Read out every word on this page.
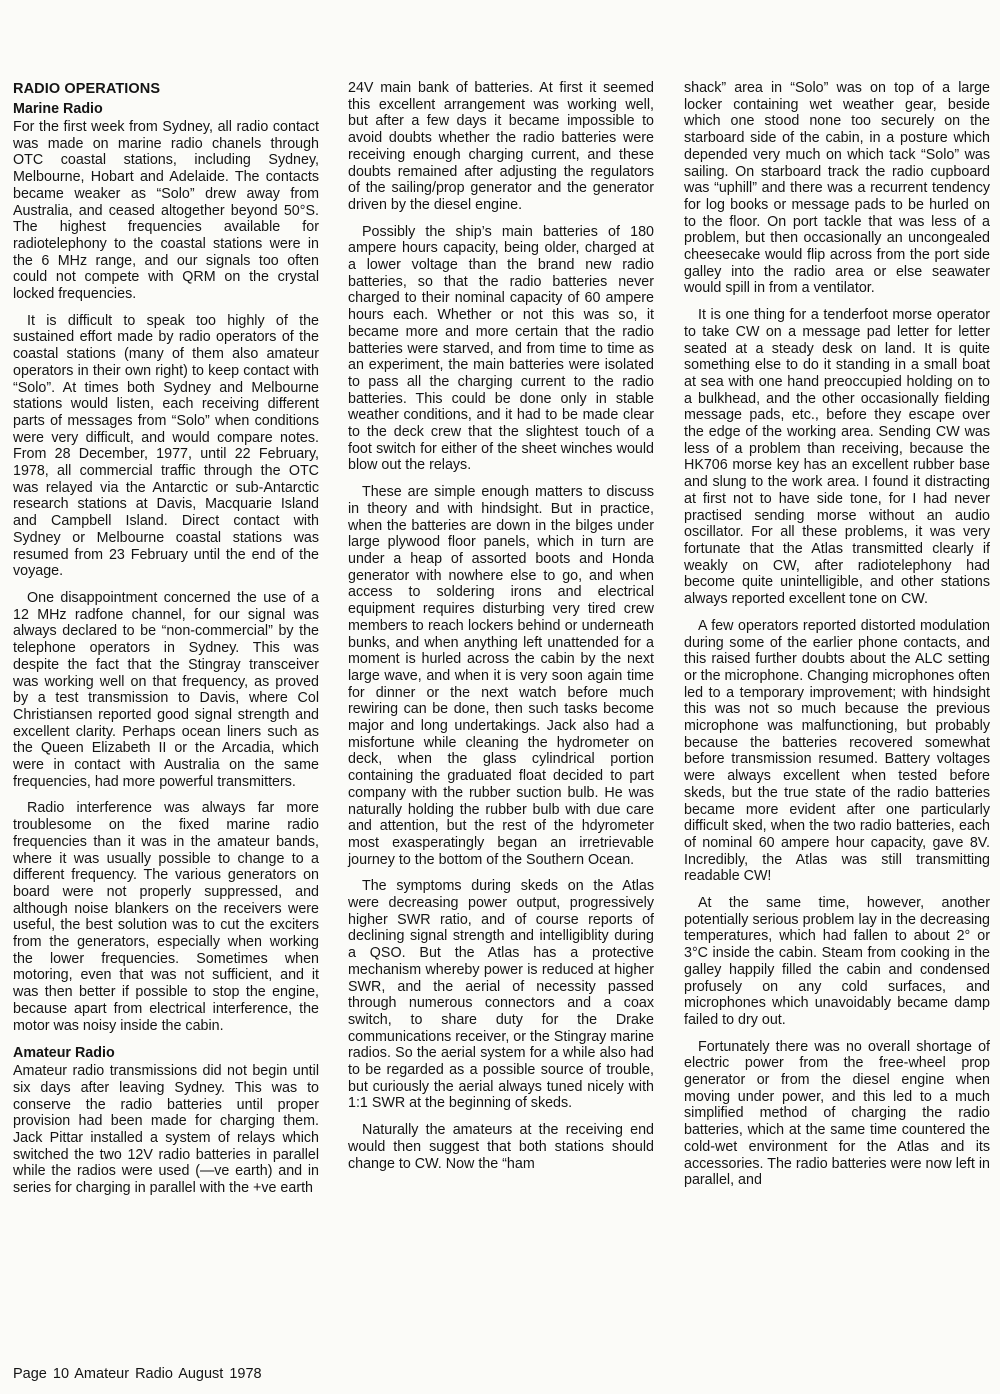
RADIO OPERATIONS
Marine Radio

For the first week from Sydney, all radio contact was made on marine radio chanels through OTC coastal stations, including Sydney, Melbourne, Hobart and Adelaide. The contacts became weaker as “Solo” drew away from Australia, and ceased altogether beyond 50°S. The highest frequencies available for radiotelephony to the coastal stations were in the 6 MHz range, and our signals too often could not compete with QRM on the crystal locked frequencies.

It is difficult to speak too highly of the sustained effort made by radio operators of the coastal stations (many of them also amateur operators in their own right) to keep contact with “Solo”. At times both Sydney and Melbourne stations would listen, each receiving different parts of messages from “Solo” when conditions were very difficult, and would compare notes. From 28 December, 1977, until 22 February, 1978, all commercial traffic through the OTC was relayed via the Antarctic or sub-Antarctic research stations at Davis, Macquarie Island and Campbell Island. Direct contact with Sydney or Melbourne coastal stations was resumed from 23 February until the end of the voyage.

One disappointment concerned the use of a 12 MHz radfone channel, for our signal was always declared to be “non-commercial” by the telephone operators in Sydney. This was despite the fact that the Stingray transceiver was working well on that frequency, as proved by a test transmission to Davis, where Col Christiansen reported good signal strength and excellent clarity. Perhaps ocean liners such as the Queen Elizabeth II or the Arcadia, which were in contact with Australia on the same frequencies, had more powerful transmitters.

Radio interference was always far more troublesome on the fixed marine radio frequencies than it was in the amateur bands, where it was usually possible to change to a different frequency. The various generators on board were not properly suppressed, and although noise blankers on the receivers were useful, the best solution was to cut the exciters from the generators, especially when working the lower frequencies. Sometimes when motoring, even that was not sufficient, and it was then better if possible to stop the engine, because apart from electrical interference, the motor was noisy inside the cabin.

Amateur Radio

Amateur radio transmissions did not begin until six days after leaving Sydney. This was to conserve the radio batteries until proper provision had been made for charging them. Jack Pittar installed a system of relays which switched the two 12V radio batteries in parallel while the radios were used (—ve earth) and in series for charging in parallel with the +ve earth

24V main bank of batteries. At first it seemed this excellent arrangement was working well, but after a few days it became impossible to avoid doubts whether the radio batteries were receiving enough charging current, and these doubts remained after adjusting the regulators of the sailing/prop generator and the generator driven by the diesel engine.

Possibly the ship’s main batteries of 180 ampere hours capacity, being older, charged at a lower voltage than the brand new radio batteries, so that the radio batteries never charged to their nominal capacity of 60 ampere hours each. Whether or not this was so, it became more and more certain that the radio batteries were starved, and from time to time as an experiment, the main batteries were isolated to pass all the charging current to the radio batteries. This could be done only in stable weather conditions, and it had to be made clear to the deck crew that the slightest touch of a foot switch for either of the sheet winches would blow out the relays.

These are simple enough matters to discuss in theory and with hindsight. But in practice, when the batteries are down in the bilges under large plywood floor panels, which in turn are under a heap of assorted boots and Honda generator with nowhere else to go, and when access to soldering irons and electrical equipment requires disturbing very tired crew members to reach lockers behind or underneath bunks, and when anything left unattended for a moment is hurled across the cabin by the next large wave, and when it is very soon again time for dinner or the next watch before much rewiring can be done, then such tasks become major and long undertakings. Jack also had a misfortune while cleaning the hydrometer on deck, when the glass cylindrical portion containing the graduated float decided to part company with the rubber suction bulb. He was naturally holding the rubber bulb with due care and attention, but the rest of the hdyrometer most exasperatingly began an irretrievable journey to the bottom of the Southern Ocean.

The symptoms during skeds on the Atlas were decreasing power output, progressively higher SWR ratio, and of course reports of declining signal strength and intelligiblity during a QSO. But the Atlas has a protective mechanism whereby power is reduced at higher SWR, and the aerial of necessity passed through numerous connectors and a coax switch, to share duty for the Drake communications receiver, or the Stingray marine radios. So the aerial system for a while also had to be regarded as a possible source of trouble, but curiously the aerial always tuned nicely with 1:1 SWR at the beginning of skeds.

Naturally the amateurs at the receiving end would then suggest that both stations should change to CW. Now the “ham

shack” area in “Solo” was on top of a large locker containing wet weather gear, beside which one stood none too securely on the starboard side of the cabin, in a posture which depended very much on which tack “Solo” was sailing. On starboard track the radio cupboard was “uphill” and there was a recurrent tendency for log books or message pads to be hurled on to the floor. On port tackle that was less of a problem, but then occasionally an uncongealed cheesecake would flip across from the port side galley into the radio area or else seawater would spill in from a ventilator.

It is one thing for a tenderfoot morse operator to take CW on a message pad letter for letter seated at a steady desk on land. It is quite something else to do it standing in a small boat at sea with one hand preoccupied holding on to a bulkhead, and the other occasionally fielding message pads, etc., before they escape over the edge of the working area. Sending CW was less of a problem than receiving, because the HK706 morse key has an excellent rubber base and slung to the work area. I found it distracting at first not to have side tone, for I had never practised sending morse without an audio oscillator. For all these problems, it was very fortunate that the Atlas transmitted clearly if weakly on CW, after radiotelephony had become quite unintelligible, and other stations always reported excellent tone on CW.

A few operators reported distorted modulation during some of the earlier phone contacts, and this raised further doubts about the ALC setting or the microphone. Changing microphones often led to a temporary improvement; with hindsight this was not so much because the previous microphone was malfunctioning, but probably because the batteries recovered somewhat before transmission resumed. Battery voltages were always excellent when tested before skeds, but the true state of the radio batteries became more evident after one particularly difficult sked, when the two radio batteries, each of nominal 60 ampere hour capacity, gave 8V. Incredibly, the Atlas was still transmitting readable CW!

At the same time, however, another potentially serious problem lay in the decreasing temperatures, which had fallen to about 2° or 3°C inside the cabin. Steam from cooking in the galley happily filled the cabin and condensed profusely on any cold surfaces, and microphones which unavoidably became damp failed to dry out.

Fortunately there was no overall shortage of electric power from the free-wheel prop generator or from the diesel engine when moving under power, and this led to a much simplified method of charging the radio batteries, which at the same time countered the cold-wet environment for the Atlas and its accessories. The radio batteries were now left in parallel, and

Page 10 Amateur Radio August 1978
